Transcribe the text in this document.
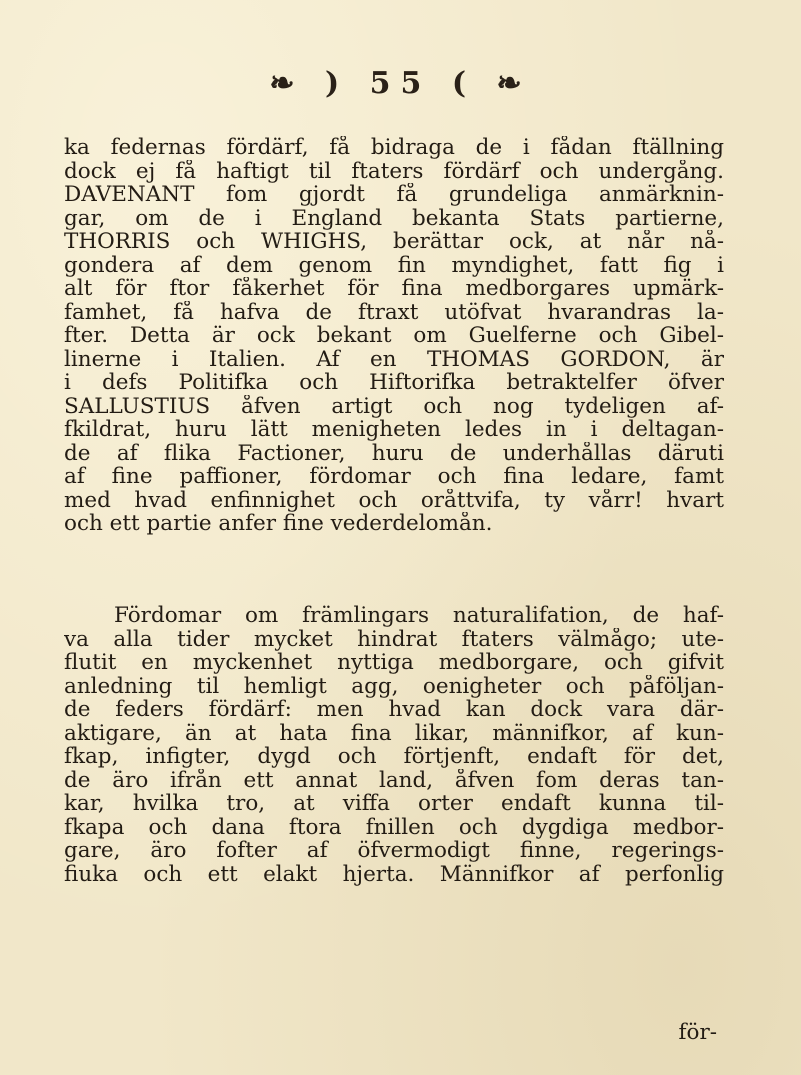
❧ ) 55 ( ❧
ka federnas fördärf, få bidraga de i fådan ftällning
dock ej få haftigt til ftaters fördärf och undergång.
DAVENANT fom gjordt få grundeliga anmärknin-
gar, om de i England bekanta Stats partierne,
THORRIS och WHIGHS, berättar ock, at når nå-
gondera af dem genom fin myndighet, fatt fig i
alt för ftor fåkerhet för fina medborgares upmärk-
famhet, få hafva de ftraxt utöfvat hvarandras la-
fter. Detta är ock bekant om Guelferne och Gibel-
linerne i Italien. Af en THOMAS GORDON, är
i defs Politifka och Hiftorifka betraktelfer öfver
SALLUSTIUS åfven artigt och nog tydeligen af-
fkildrat, huru lätt menigheten ledes in i deltagan-
de af flika Factioner, huru de underhållas däruti
af fine paffioner, fördomar och fina ledare, famt
med hvad enfinnighet och oråttvifa, ty vårr! hvart
och ett partie anfer fine vederdelomån.
Fördomar om främlingars naturalifation, de haf-
va alla tider mycket hindrat ftaters välmågo; ute-
flutit en myckenhet nyttiga medborgare, och gifvit
anledning til hemligt agg, oenigheter och påföljan-
de feders fördärf: men hvad kan dock vara där-
aktigare, än at hata fina likar, männifkor, af kun-
fkap, infigter, dygd och förtjenft, endaft för det,
de äro ifrån ett annat land, åfven fom deras tan-
kar, hvilka tro, at viffa orter endaft kunna til-
fkapa och dana ftora fnillen och dygdiga medbor-
gare, äro fofter af öfvermodigt finne, regerings-
fiuka och ett elakt hjerta. Männifkor af perfonlig
för-
